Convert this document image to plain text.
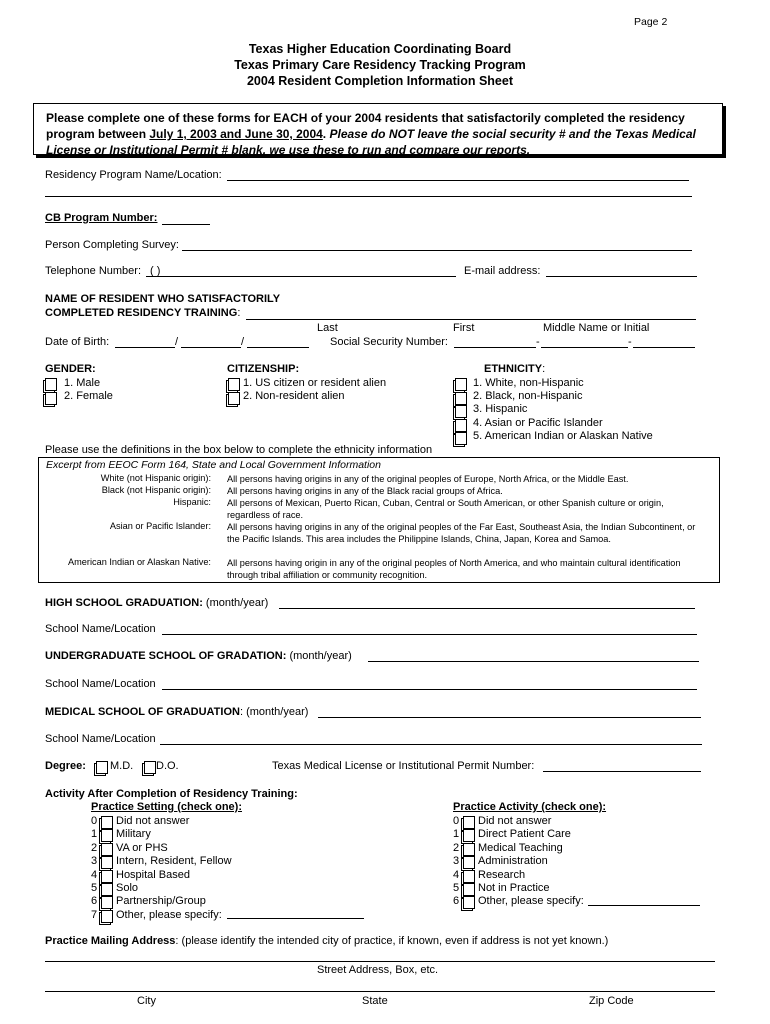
Page 2
Texas Higher Education Coordinating Board
Texas Primary Care Residency Tracking Program
2004 Resident Completion Information Sheet
Please complete one of these forms for EACH of your 2004 residents that satisfactorily completed the residency program between July 1, 2003 and June 30, 2004. Please do NOT leave the social security # and the Texas Medical License or Institutional Permit # blank, we use these to run and compare our reports.
Residency Program Name/Location:
CB Program Number:
Person Completing Survey:
Telephone Number: ( )	E-mail address:
NAME OF RESIDENT WHO SATISFACTORILY
COMPLETED RESIDENCY TRAINING:
Last	First	Middle Name or Initial
Date of Birth:	/	/	Social Security Number:	-	-
GENDER:
1. Male
2. Female
CITIZENSHIP:
1. US citizen or resident alien
2. Non-resident alien
ETHNICITY:
1. White, non-Hispanic
2. Black, non-Hispanic
3. Hispanic
4. Asian or Pacific Islander
5. American Indian or Alaskan Native
Please use the definitions in the box below to complete the ethnicity information
Excerpt from EEOC Form 164, State and Local Government Information
White (not Hispanic origin): All persons having origins in any of the original peoples of Europe, North Africa, or the Middle East.
Black (not Hispanic origin): All persons having origins in any of the Black racial groups of Africa.
Hispanic: All persons of Mexican, Puerto Rican, Cuban, Central or South American, or other Spanish culture or origin, regardless of race.
Asian or Pacific Islander: All persons having origins in any of the original peoples of the Far East, Southeast Asia, the Indian Subcontinent, or the Pacific Islands. This area includes the Philippine Islands, China, Japan, Korea and Samoa.
American Indian or Alaskan Native: All persons having origin in any of the original peoples of North America, and who maintain cultural identification through tribal affiliation or community recognition.
HIGH SCHOOL GRADUATION: (month/year)
School Name/Location
UNDERGRADUATE SCHOOL OF GRADATION: (month/year)
School Name/Location
MEDICAL SCHOOL OF GRADUATION: (month/year)
School Name/Location
Degree: M.D. D.O.	Texas Medical License or Institutional Permit Number:
Activity After Completion of Residency Training:
Practice Setting (check one):	Practice Activity (check one):
0 Did not answer
1 Military
2 VA or PHS
3 Intern, Resident, Fellow
4 Hospital Based
5 Solo
6 Partnership/Group
7 Other, please specify:
0 Did not answer
1 Direct Patient Care
2 Medical Teaching
3 Administration
4 Research
5 Not in Practice
6 Other, please specify:
Practice Mailing Address: (please identify the intended city of practice, if known, even if address is not yet known.)
Street Address, Box, etc.
City	State	Zip Code
